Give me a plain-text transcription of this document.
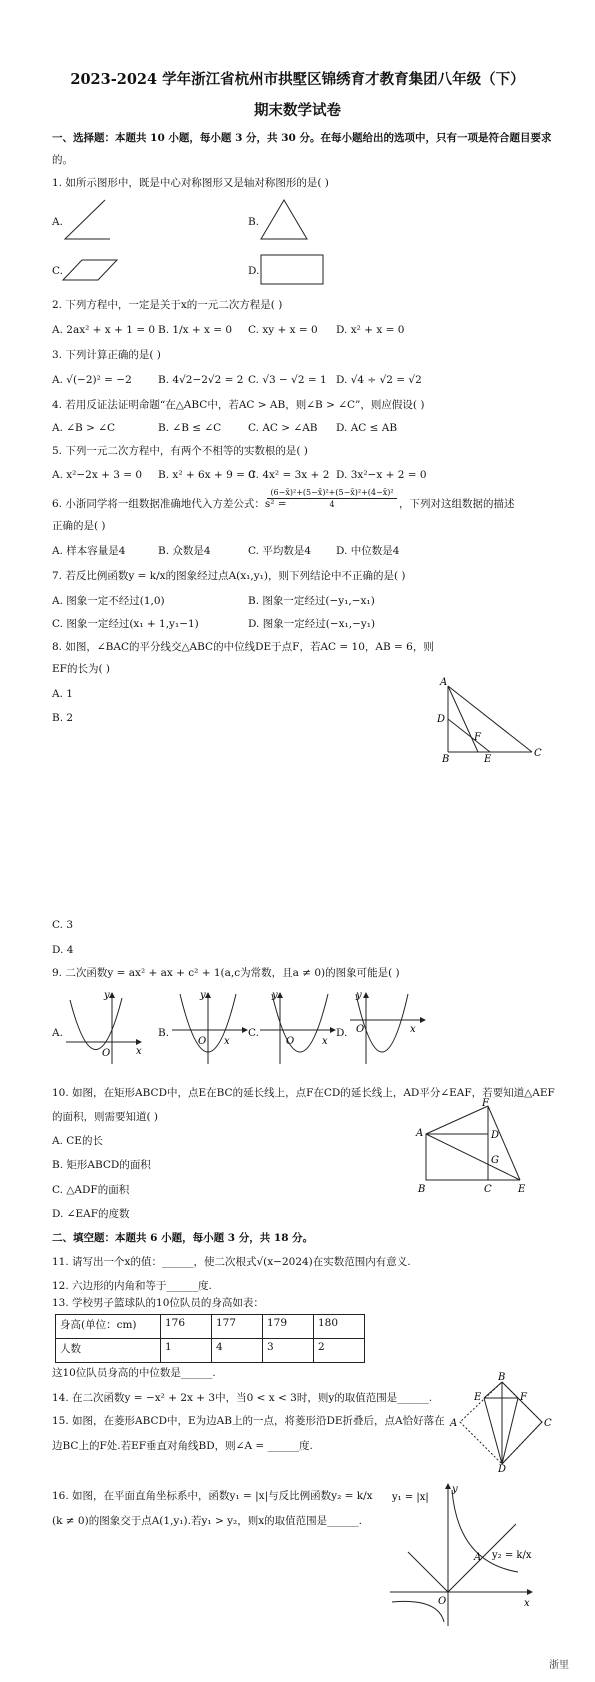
2023-2024 学年浙江省杭州市拱墅区锦绣育才教育集团八年级（下）
期末数学试卷
一、选择题：本题共 10 小题，每小题 3 分，共 30 分。在每小题给出的选项中，只有一项是符合题目要求
的。
1. 如所示图形中，既是中心对称图形又是轴对称图形的是( )
A.	B.
C.	D.
2. 下列方程中，一定是关于x的一元二次方程是( )
A. 2ax² + x + 1 = 0 B. 1/x + x = 0 C. xy + x = 0 D. x² + x = 0
3. 下列计算正确的是( )
A. √(−2)² = −2 B. 4√2−2√2 = 2 C. √3 − √2 = 1 D. √4 ÷ √2 = √2
4. 若用反证法证明命题“在△ABC中，若AC > AB，则∠B > ∠C”，则应假设( )
A. ∠B > ∠C	B. ∠B ≤ ∠C	C. AC > ∠AB D. AC ≤ AB
5. 下列一元二次方程中，有两个不相等的实数根的是( )
A. x²−2x + 3 = 0 B. x² + 6x + 9 = 0
C. 4x² = 3x + 2 D. 3x²−x + 2 = 0
6. 小浙同学将一组数据准确地代入方差公式：s² =
(6−x̄)²+(5−x̄)²+(5−x̄)²+(4−x̄)²
4	，下列对这组数据的描述
正确的是( )
A. 样本容量是4	B. 众数是4	C. 平均数是4 D. 中位数是4
7. 若反比例函数y = k/x的图象经过点A(x₁,y₁)，则下列结论中不正确的是( )
A. 图象一定不经过(1,0)	B. 图象一定经过(−y₁,−x₁)
C. 图象一定经过(x₁ + 1,y₁−1)	D. 图象一定经过(−x₁,−y₁)
8. 如图，∠BAC的平分线交△ABC的中位线DE于点F，若AC = 10，AB = 6，则
EF的长为( )
A. 1
B. 2
C. 3
D. 4
A
D
F
B	E
C
9. 二次函数y = ax² + ax + c² + 1(a,c为常数，且a ≠ 0)的图象可能是( )
A.	B.	C.	D.
y
O	x
y
O x
y
O	x
y
O	x
10. 如图，在矩形ABCD中，点E在BC的延长线上，点F在CD的延长线上，AD平分∠EAF，若要知道△AEF
的面积，则需要知道( )
A. CE的长
B. 矩形ABCD的面积
C. △ADF的面积
D. ∠EAF的度数
F
A	D
G
B	C	E
二、填空题：本题共 6 小题，每小题 3 分，共 18 分。
11. 请写出一个x的值：______，使二次根式√(x−2024)在实数范围内有意义.
12. 六边形的内角和等于______度.
13. 学校男子篮球队的10位队员的身高如表：
身高(单位：cm)	176	177	179	180
人数	1	4	3	2
这10位队员身高的中位数是______.
14. 在二次函数y = −x² + 2x + 3中，当0 < x < 3时，则y的取值范围是______.
15. 如图，在菱形ABCD中，E为边AB上的一点，将菱形沿DE折叠后，点A恰好落在
边BC上的F处.若EF垂直对角线BD，则∠A = ______度.
B
E	F
A	C
D
16. 如图，在平面直角坐标系中，函数y₁ = |x|与反比例函数y₂ = k/x
(k ≠ 0)的图象交于点A(1,y₁).若y₁ > y₂，则x的取值范围是______.
y₁ = |x|
y₂ = k/x
y
O	x
A
浙里
